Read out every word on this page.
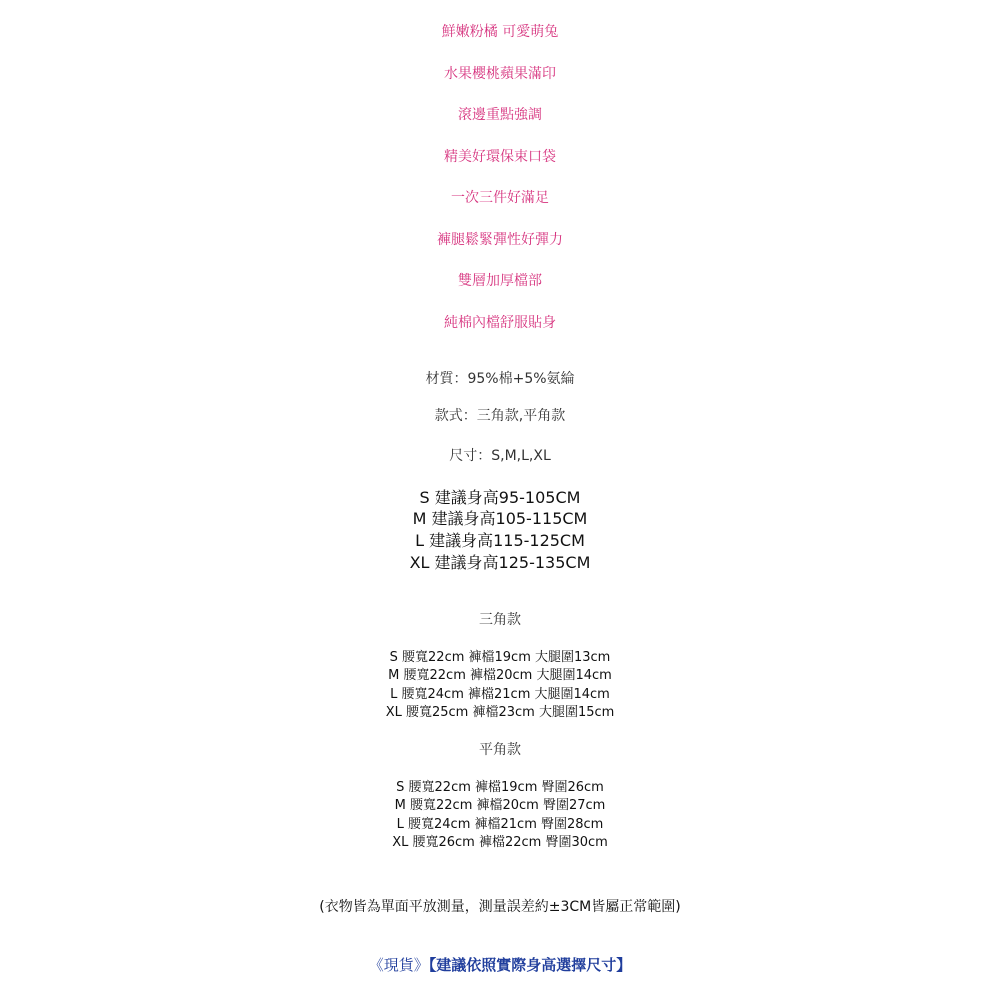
鮮嫩粉橘 可愛萌兔
水果櫻桃蘋果滿印
滾邊重點強調
精美好環保束口袋
一次三件好滿足
褲腿鬆緊彈性好彈力
雙層加厚檔部
純棉內檔舒服貼身
材質：95%棉+5%氨綸
款式：三角款,平角款
尺寸：S,M,L,XL
S 建議身高95-105CM
M 建議身高105-115CM
L 建議身高115-125CM
XL 建議身高125-135CM
三角款
S 腰寬22cm 褲檔19cm 大腿圍13cm
M 腰寬22cm 褲檔20cm 大腿圍14cm
L 腰寬24cm 褲檔21cm 大腿圍14cm
XL 腰寬25cm 褲檔23cm 大腿圍15cm
平角款
S 腰寬22cm 褲檔19cm 臀圍26cm
M 腰寬22cm 褲檔20cm 臀圍27cm
L 腰寬24cm 褲檔21cm 臀圍28cm
XL 腰寬26cm 褲檔22cm 臀圍30cm
(衣物皆為單面平放測量，測量誤差約±3CM皆屬正常範圍)
《現貨》【建議依照實際身高選擇尺寸】
